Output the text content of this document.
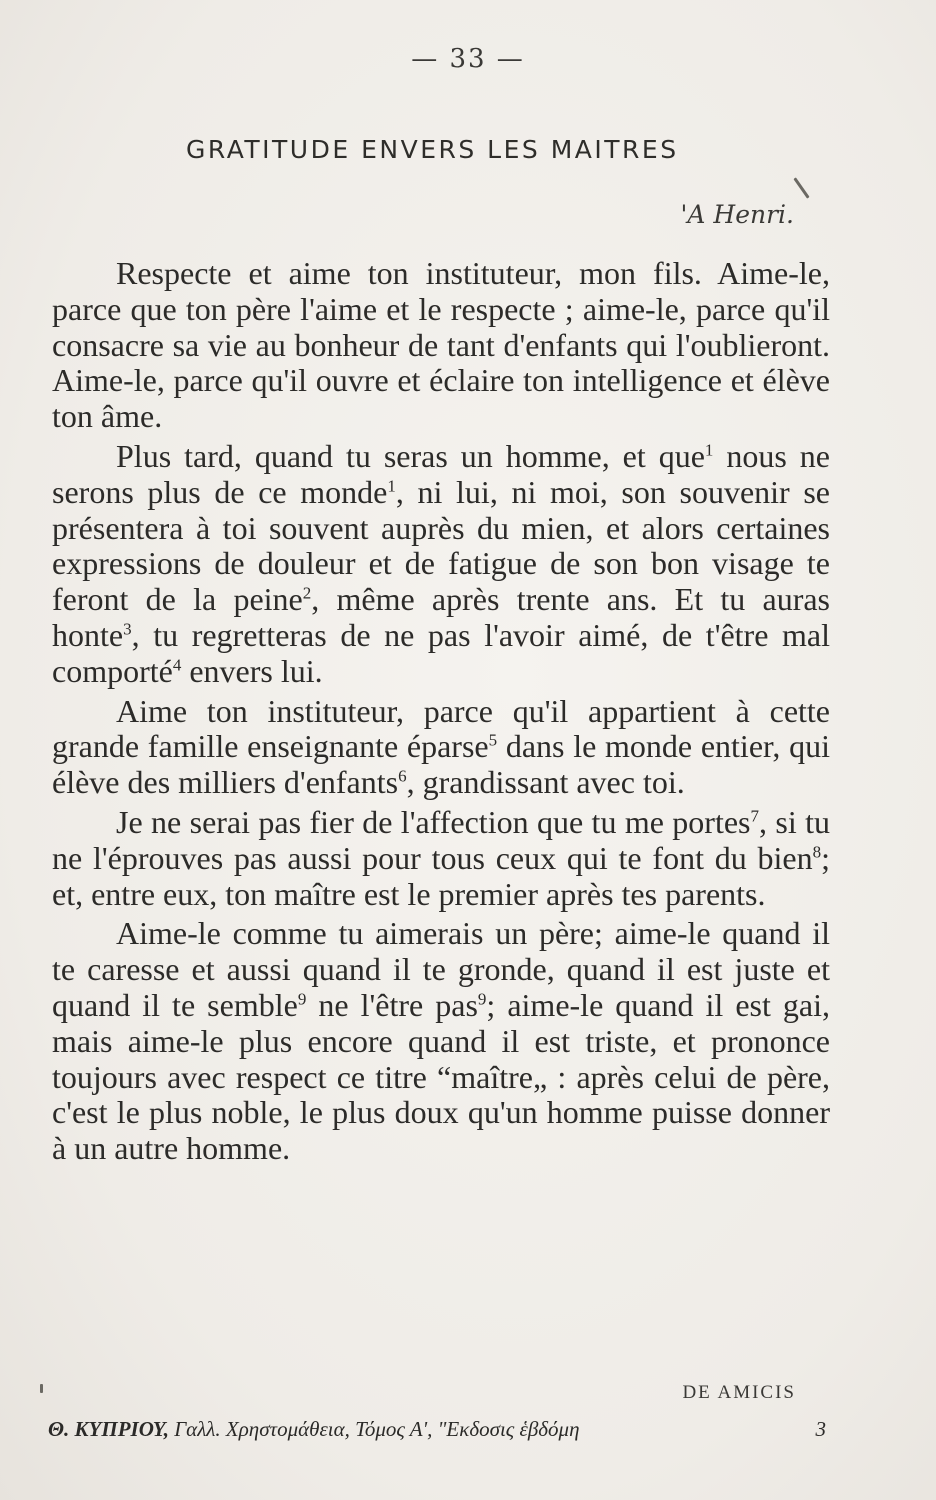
— 33 —
GRATITUDE ENVERS LES MAITRES
'A Henri.

Respecte et aime ton instituteur, mon fils. Aime-le, parce que ton père l'aime et le respecte ; aime-le, parce qu'il consacre sa vie au bonheur de tant d'enfants qui l'oublieront. Aime-le, parce qu'il ouvre et éclaire ton intelligence et élève ton âme.

Plus tard, quand tu seras un homme, et que$^1$ nous ne serons plus de ce monde$^1$, ni lui, ni moi, son souvenir se présentera à toi souvent auprès du mien, et alors certaines expressions de douleur et de fatigue de son bon visage te feront de la peine$^2$, même après trente ans. Et tu auras honte$^3$, tu regretteras de ne pas l'avoir aimé, de t'être mal comporté$^4$ envers lui.

Aime ton instituteur, parce qu'il appartient à cette grande famille enseignante éparse$^5$ dans le monde entier, qui élève des milliers d'enfants$^6$, grandissant avec toi.

Je ne serai pas fier de l'affection que tu me portes$^7$, si tu ne l'éprouves pas aussi pour tous ceux qui te font du bien$^8$; et, entre eux, ton maître est le premier après tes parents.

Aime-le comme tu aimerais un père; aime-le quand il te caresse et aussi quand il te gronde, quand il est juste et quand il te semble$^9$ ne l'être pas$^9$; aime-le quand il est gai, mais aime-le plus encore quand il est triste, et prononce toujours avec respect ce titre “maître„ : après celui de père, c'est le plus noble, le plus doux qu'un homme puisse donner à un autre homme.

DE AMICIS
Θ. ΚΥΠΡΙΟΥ, Γαλλ. Χρηστομάθεια, Τόμος Α', "Εκδοσις ἑβδόμη	3
